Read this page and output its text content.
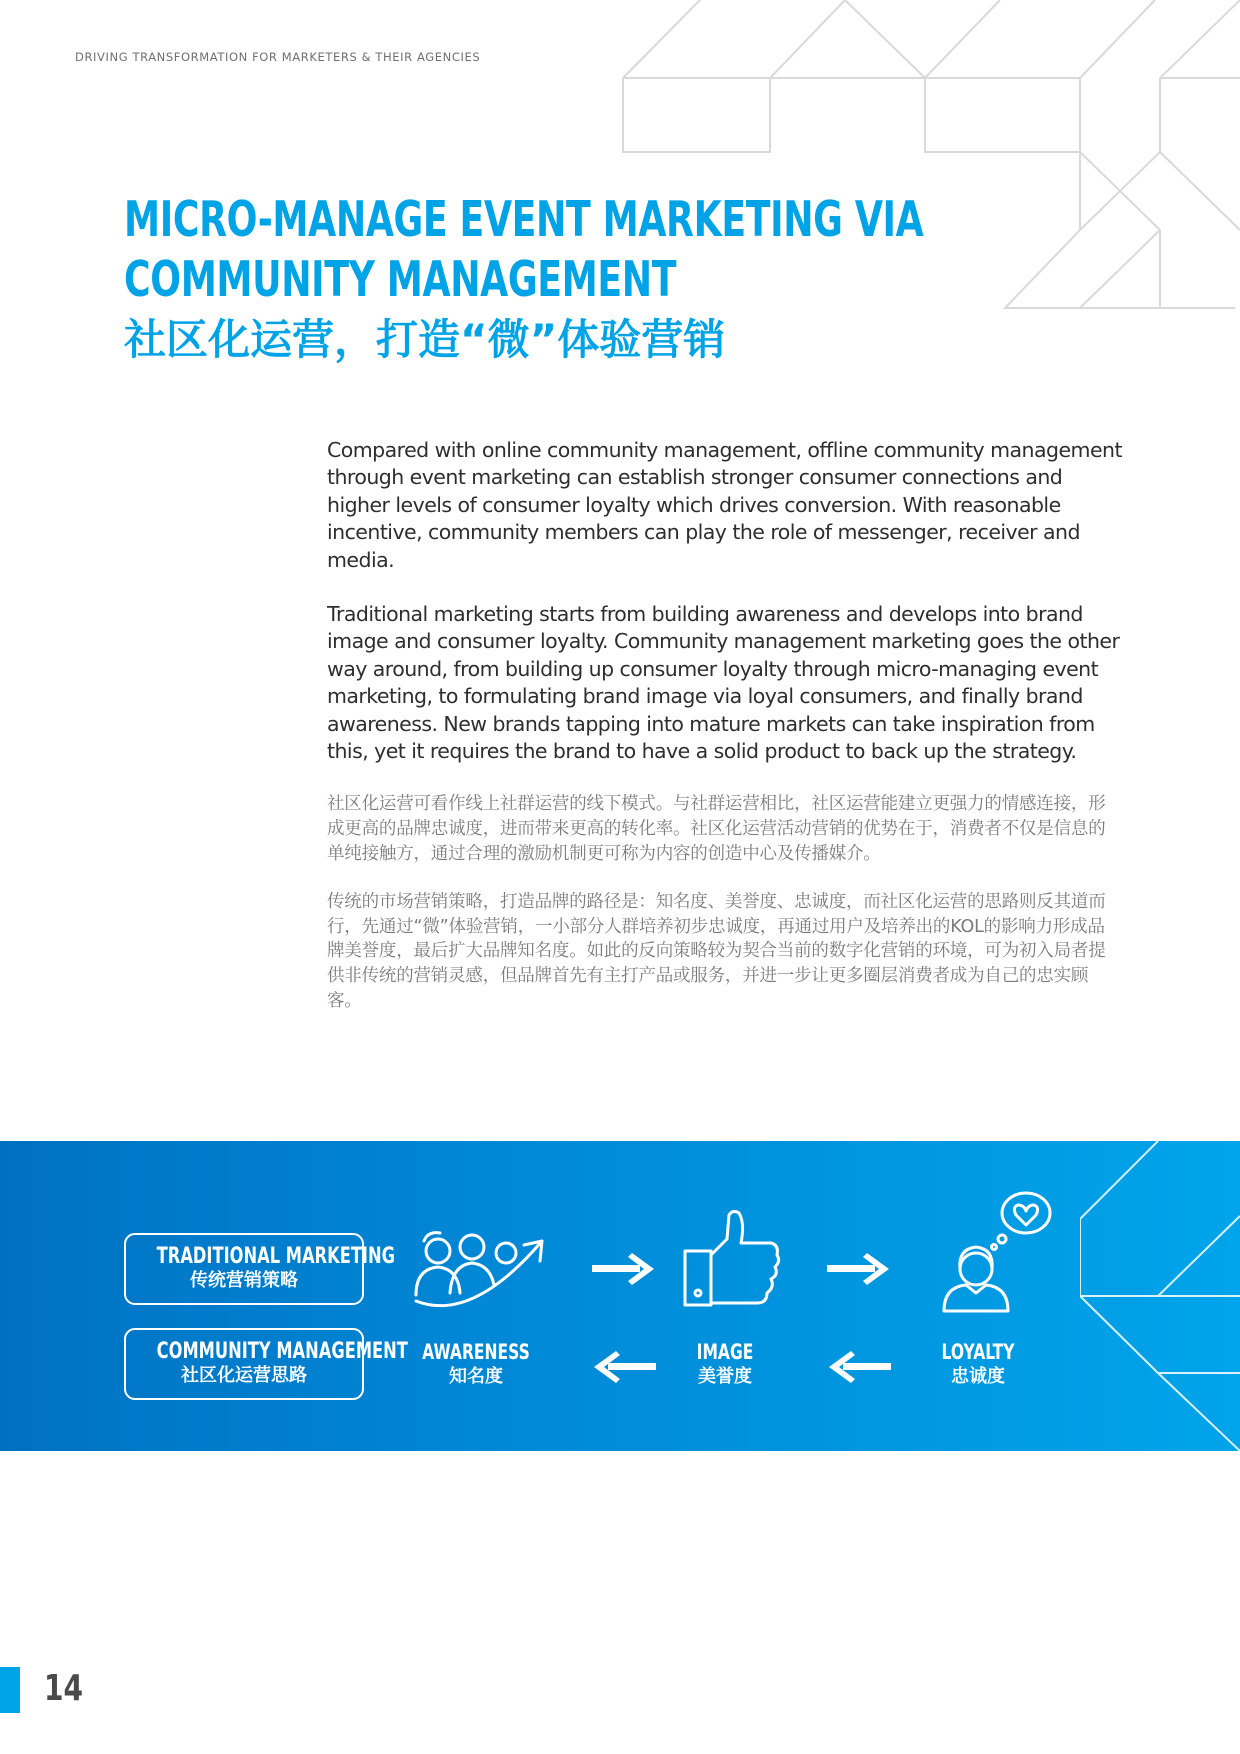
DRIVING TRANSFORMATION FOR MARKETERS & THEIR AGENCIES
MICRO-MANAGE EVENT MARKETING VIA
COMMUNITY MANAGEMENT
社区化运营，打造“微”体验营销

Compared with online community management, offline community management through event marketing can establish stronger consumer connections and higher levels of consumer loyalty which drives conversion. With reasonable incentive, community members can play the role of messenger, receiver and media.

Traditional marketing starts from building awareness and develops into brand image and consumer loyalty. Community management marketing goes the other way around, from building up consumer loyalty through micro-managing event marketing, to formulating brand image via loyal consumers, and finally brand awareness. New brands tapping into mature markets can take inspiration from this, yet it requires the brand to have a solid product to back up the strategy.

社区化运营可看作线上社群运营的线下模式。与社群运营相比，社区运营能建立更强力的情感连接，形成更高的品牌忠诚度，进而带来更高的转化率。社区化运营活动营销的优势在于，消费者不仅是信息的单纯接触方，通过合理的激励机制更可称为内容的创造中心及传播媒介。

传统的市场营销策略，打造品牌的路径是：知名度、美誉度、忠诚度，而社区化运营的思路则反其道而行，先通过“微”体验营销，一小部分人群培养初步忠诚度，再通过用户及培养出的KOL的影响力形成品牌美誉度，最后扩大品牌知名度。如此的反向策略较为契合当前的数字化营销的环境，可为初入局者提供非传统的营销灵感，但品牌首先有主打产品或服务，并进一步让更多圈层消费者成为自己的忠实顾客。

TRADITIONAL MARKETING
传统营销策略
COMMUNITY MANAGEMENT
社区化运营思路
AWARENESS
知名度
IMAGE
美誉度
LOYALTY
忠诚度
14
